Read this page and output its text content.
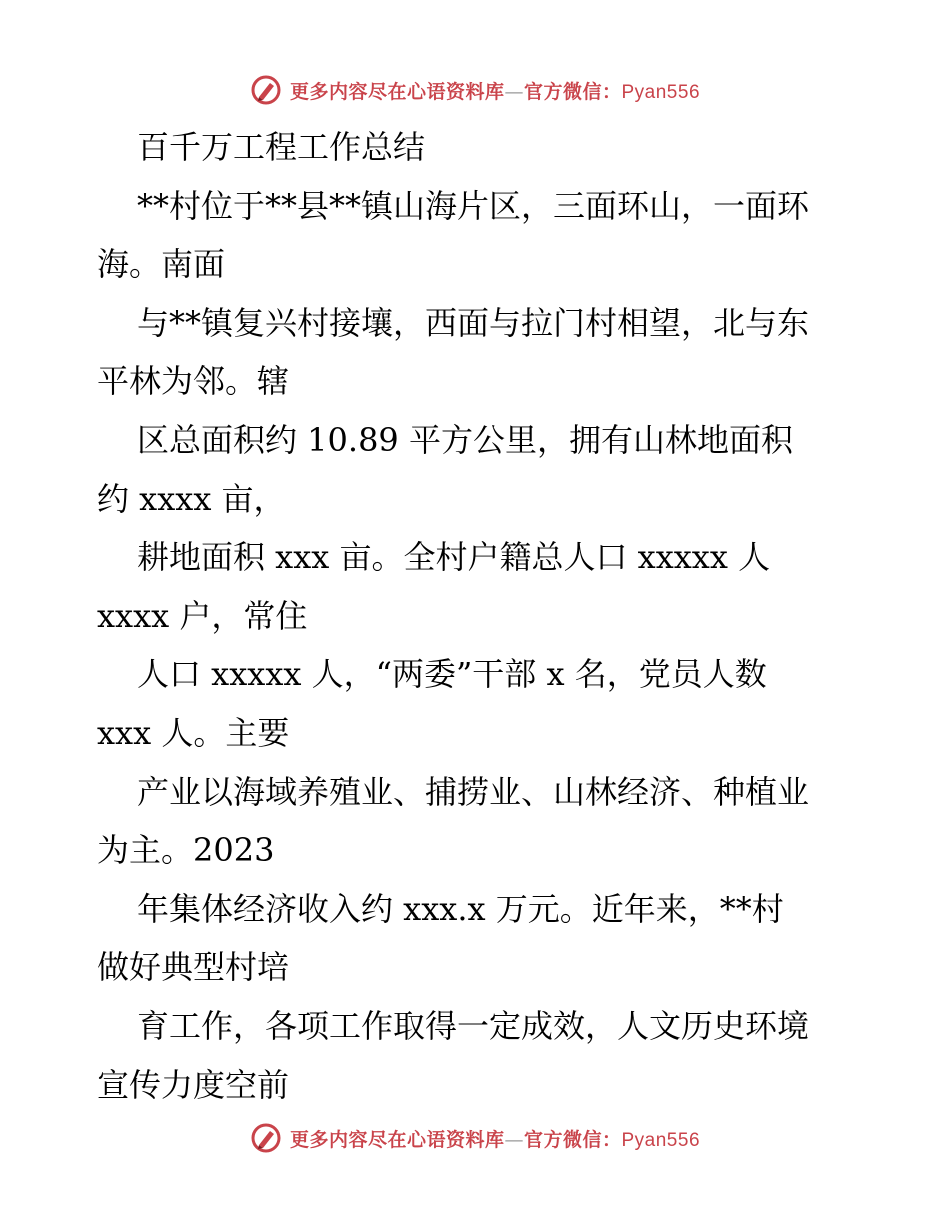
更多内容尽在心语资料库—官方微信：Pyan556
百千万工程工作总结
**村位于**县**镇山海片区，三面环山，一面环
海。南面
与**镇复兴村接壤，西面与拉门村相望，北与东
平林为邻。辖
区总面积约 10.89 平方公里，拥有山林地面积
约 xxxx 亩，
耕地面积 xxx 亩。全村户籍总人口 xxxxx 人
xxxx 户，常住
人口 xxxxx 人，“两委”干部 x 名，党员人数
xxx 人。主要
产业以海域养殖业、捕捞业、山林经济、种植业
为主。2023
年集体经济收入约 xxx.x 万元。近年来，**村
做好典型村培
育工作，各项工作取得一定成效，人文历史环境
宣传力度空前
更多内容尽在心语资料库—官方微信：Pyan556
